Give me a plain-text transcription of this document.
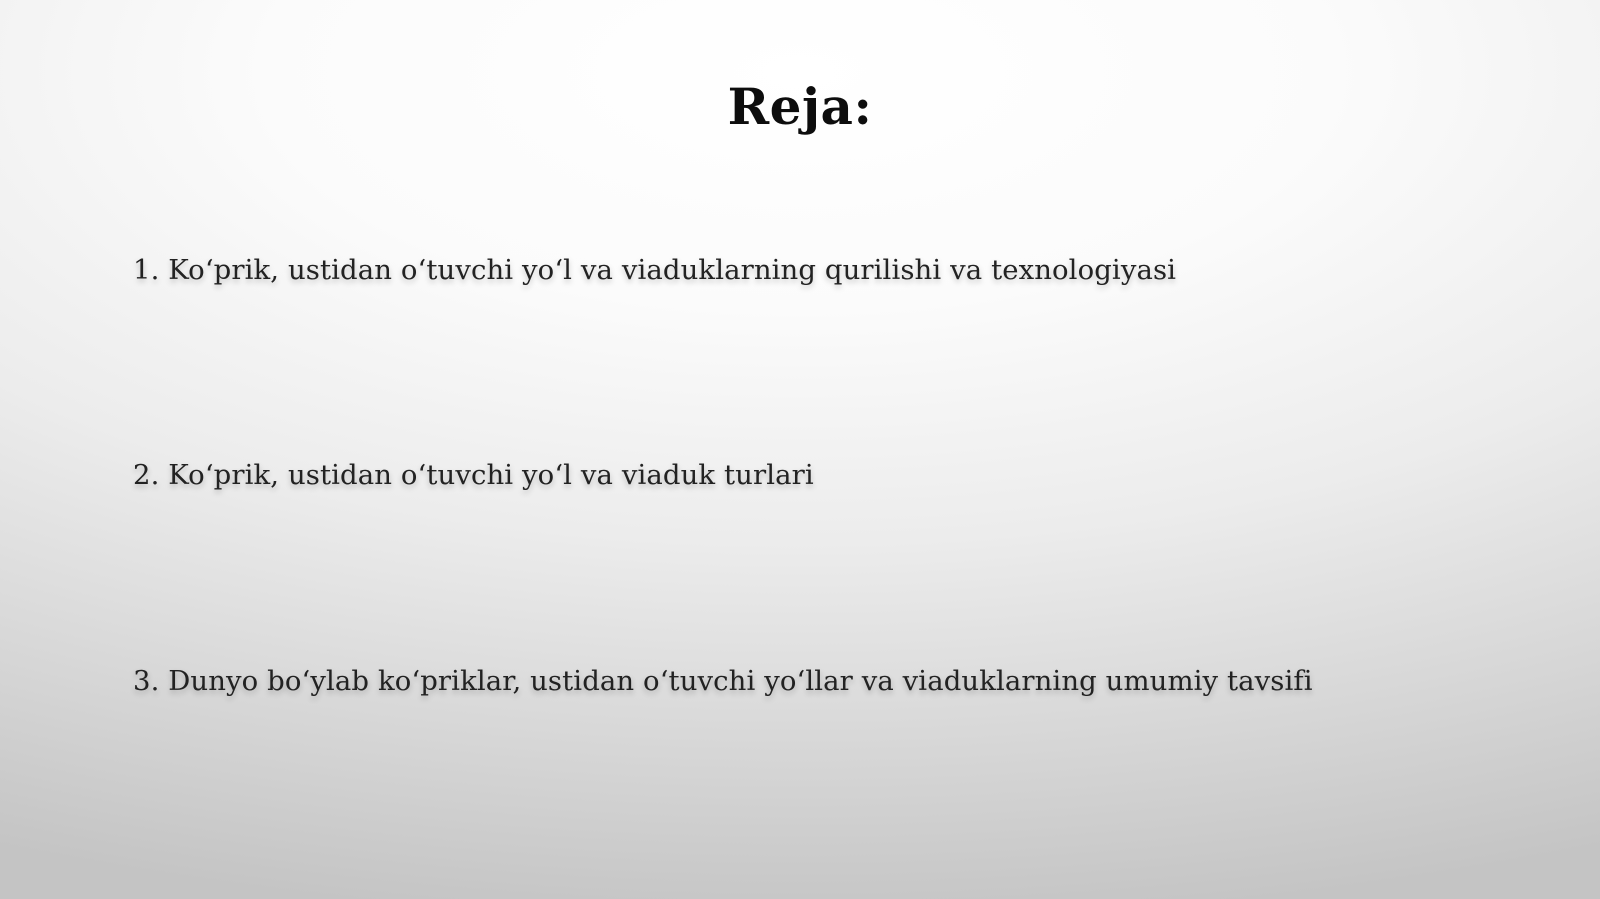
Reja:
1. Ko‘prik, ustidan o‘tuvchi yo‘l va viaduklarning qurilishi va texnologiyasi
2. Ko‘prik, ustidan o‘tuvchi yo‘l va viaduk turlari
3. Dunyo bo‘ylab ko‘priklar, ustidan o‘tuvchi yo‘llar va viaduklarning umumiy tavsifi
